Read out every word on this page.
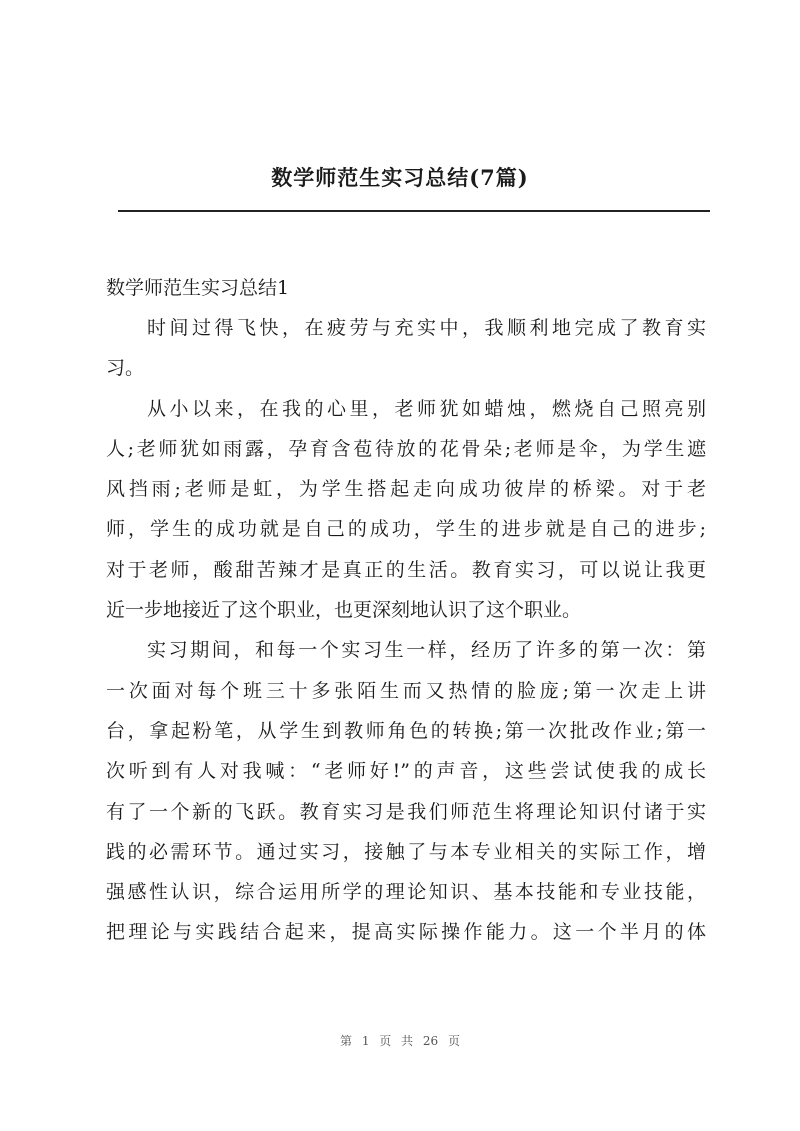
数学师范生实习总结(7篇)
数学师范生实习总结1
时间过得飞快，在疲劳与充实中，我顺利地完成了教育实
习。
从小以来，在我的心里，老师犹如蜡烛，燃烧自己照亮别
人;老师犹如雨露，孕育含苞待放的花骨朵;老师是伞，为学生遮
风挡雨;老师是虹，为学生搭起走向成功彼岸的桥梁。对于老
师，学生的成功就是自己的成功，学生的进步就是自己的进步;
对于老师，酸甜苦辣才是真正的生活。教育实习，可以说让我更
近一步地接近了这个职业，也更深刻地认识了这个职业。
实习期间，和每一个实习生一样，经历了许多的第一次：第
一次面对每个班三十多张陌生而又热情的脸庞;第一次走上讲
台，拿起粉笔，从学生到教师角色的转换;第一次批改作业;第一
次听到有人对我喊：“老师好!”的声音，这些尝试使我的成长
有了一个新的飞跃。教育实习是我们师范生将理论知识付诸于实
践的必需环节。通过实习，接触了与本专业相关的实际工作，增
强感性认识，综合运用所学的理论知识、基本技能和专业技能，
把理论与实践结合起来，提高实际操作能力。这一个半月的体
第 1 页 共 26 页
